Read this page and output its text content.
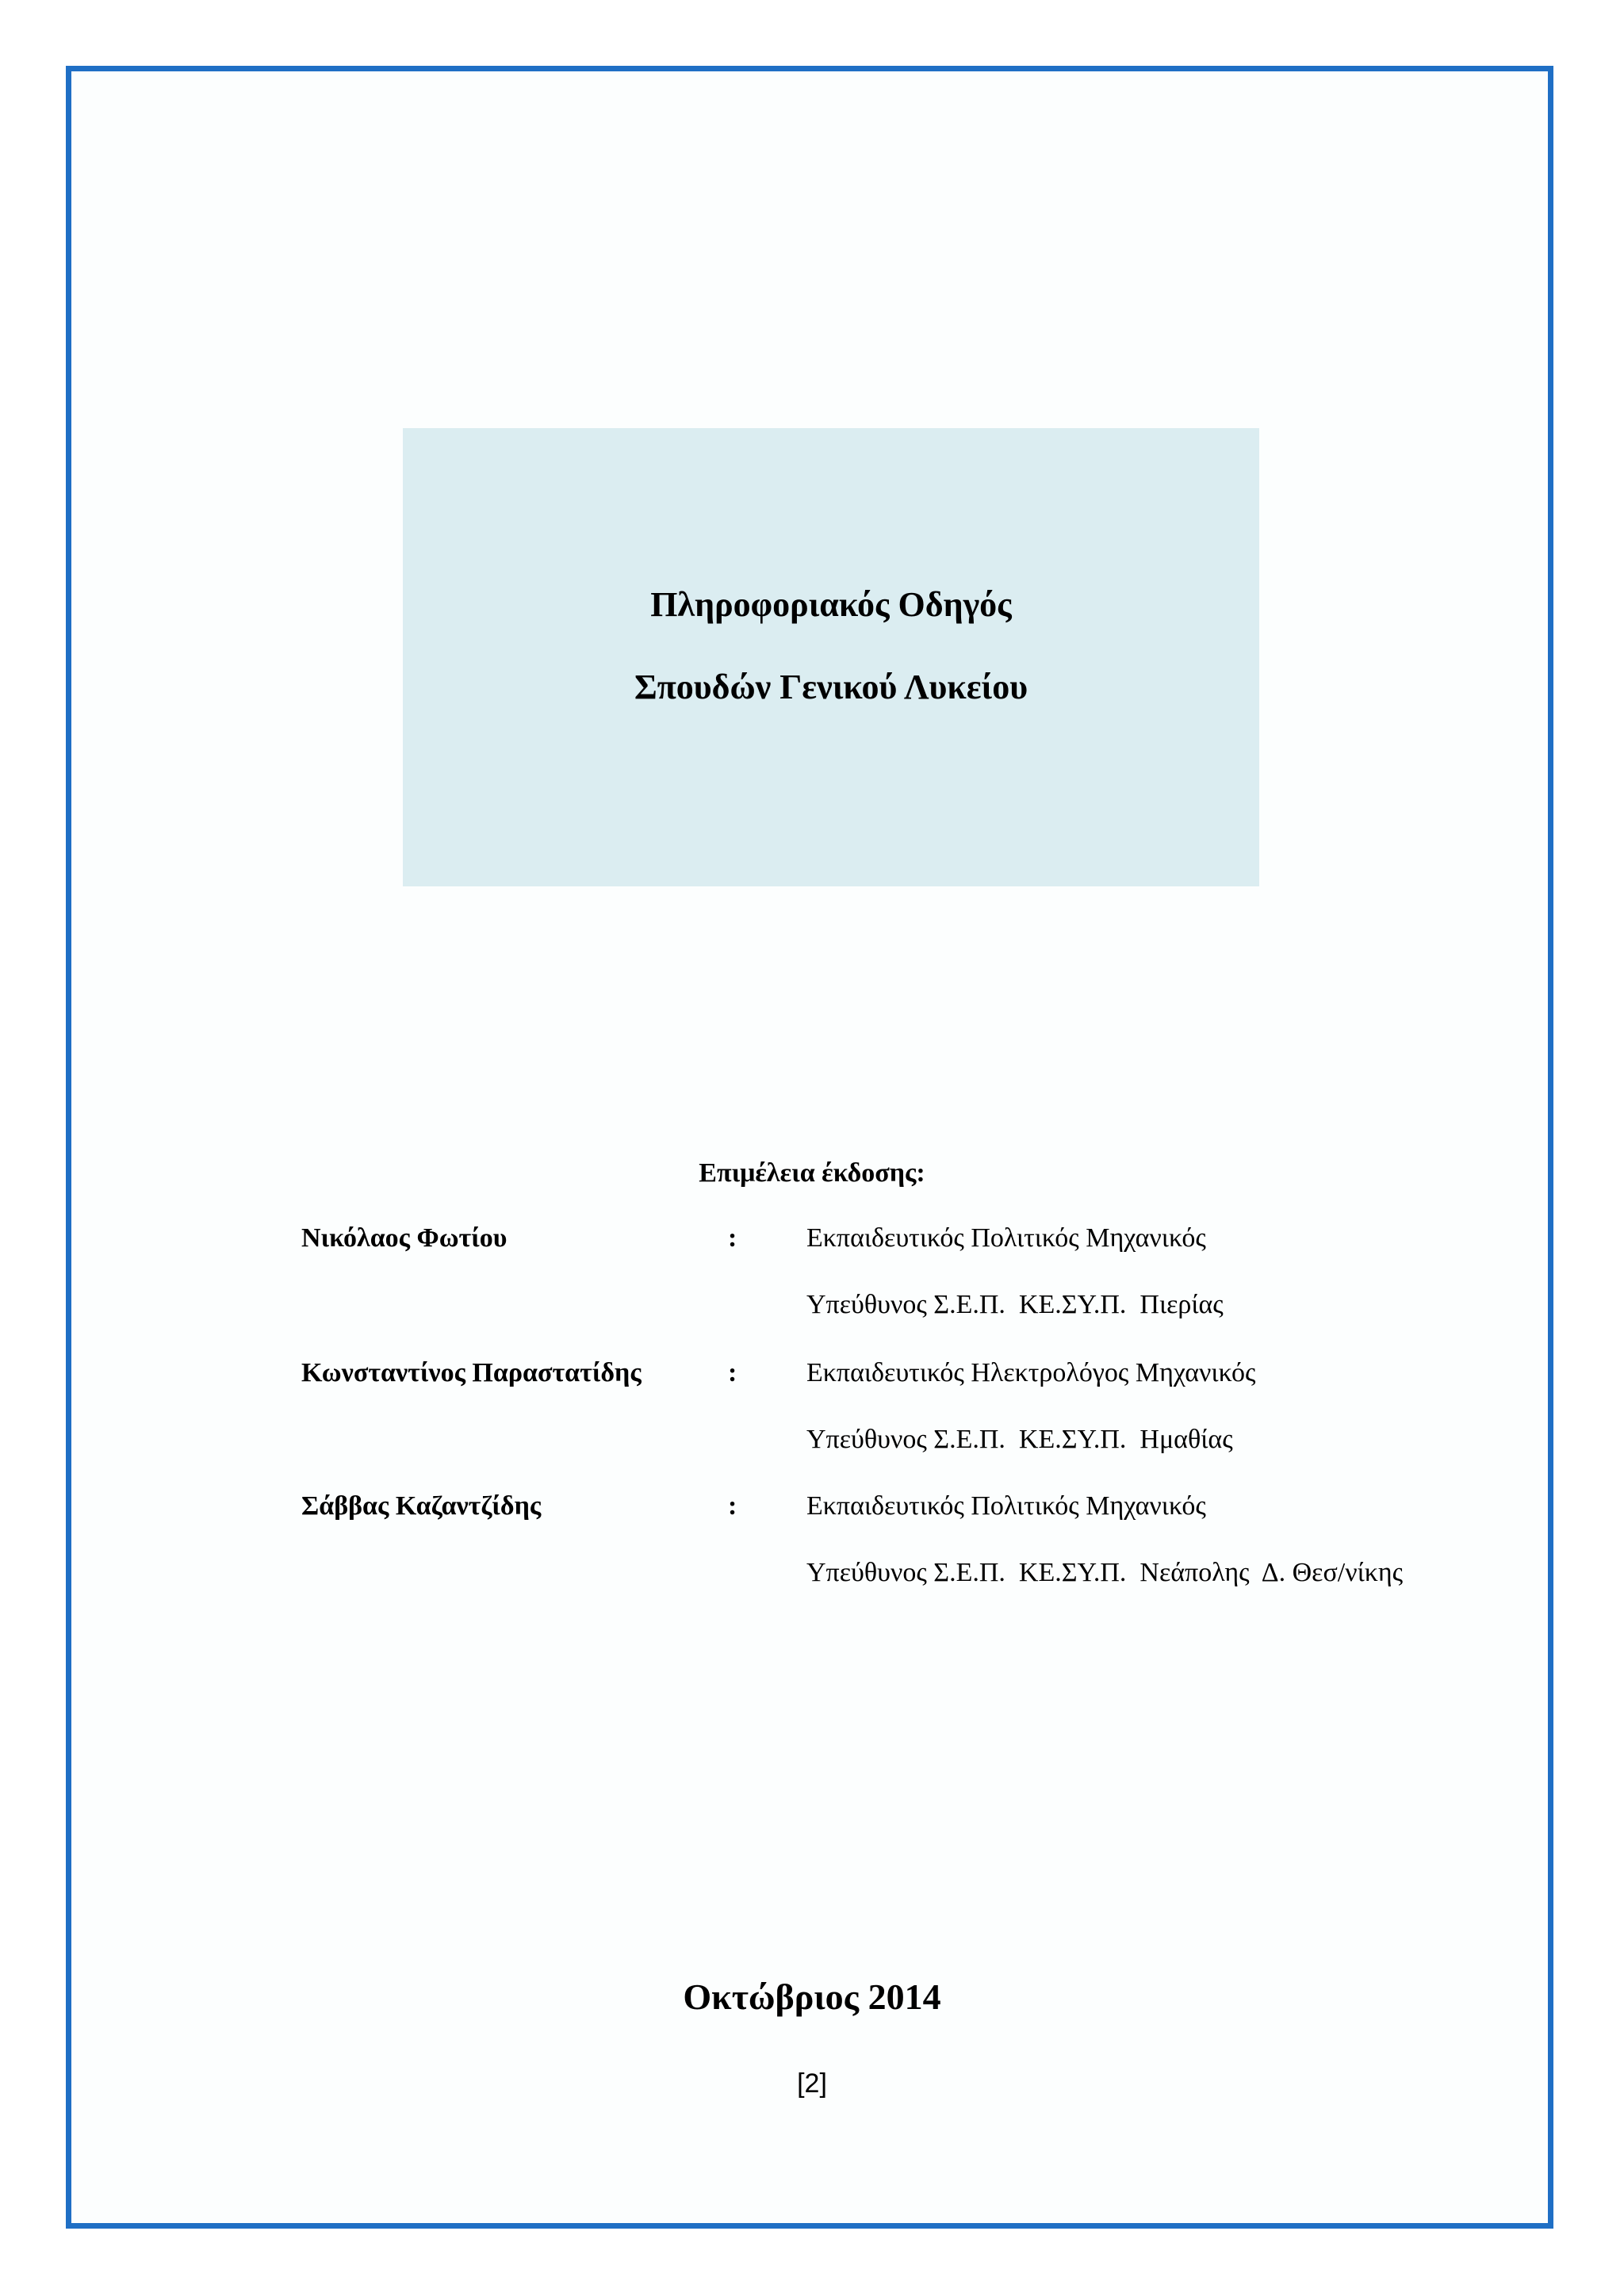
Πληροφοριακός Οδηγός
Σπουδών Γενικού Λυκείου
Επιμέλεια έκδοσης:
Νικόλαος Φωτίου	:	Εκπαιδευτικός Πολιτικός Μηχανικός
Υπεύθυνος Σ.Ε.Π.  ΚΕ.ΣΥ.Π.  Πιερίας
Κωνσταντίνος Παραστατίδης	:	Εκπαιδευτικός Ηλεκτρολόγος Μηχανικός
Υπεύθυνος Σ.Ε.Π.  ΚΕ.ΣΥ.Π.  Ημαθίας
Σάββας Καζαντζίδης	:	Εκπαιδευτικός Πολιτικός Μηχανικός
Υπεύθυνος Σ.Ε.Π.  ΚΕ.ΣΥ.Π.  Νεάπολης  Δ. Θεσ/νίκης
Οκτώβριος 2014
[2]
